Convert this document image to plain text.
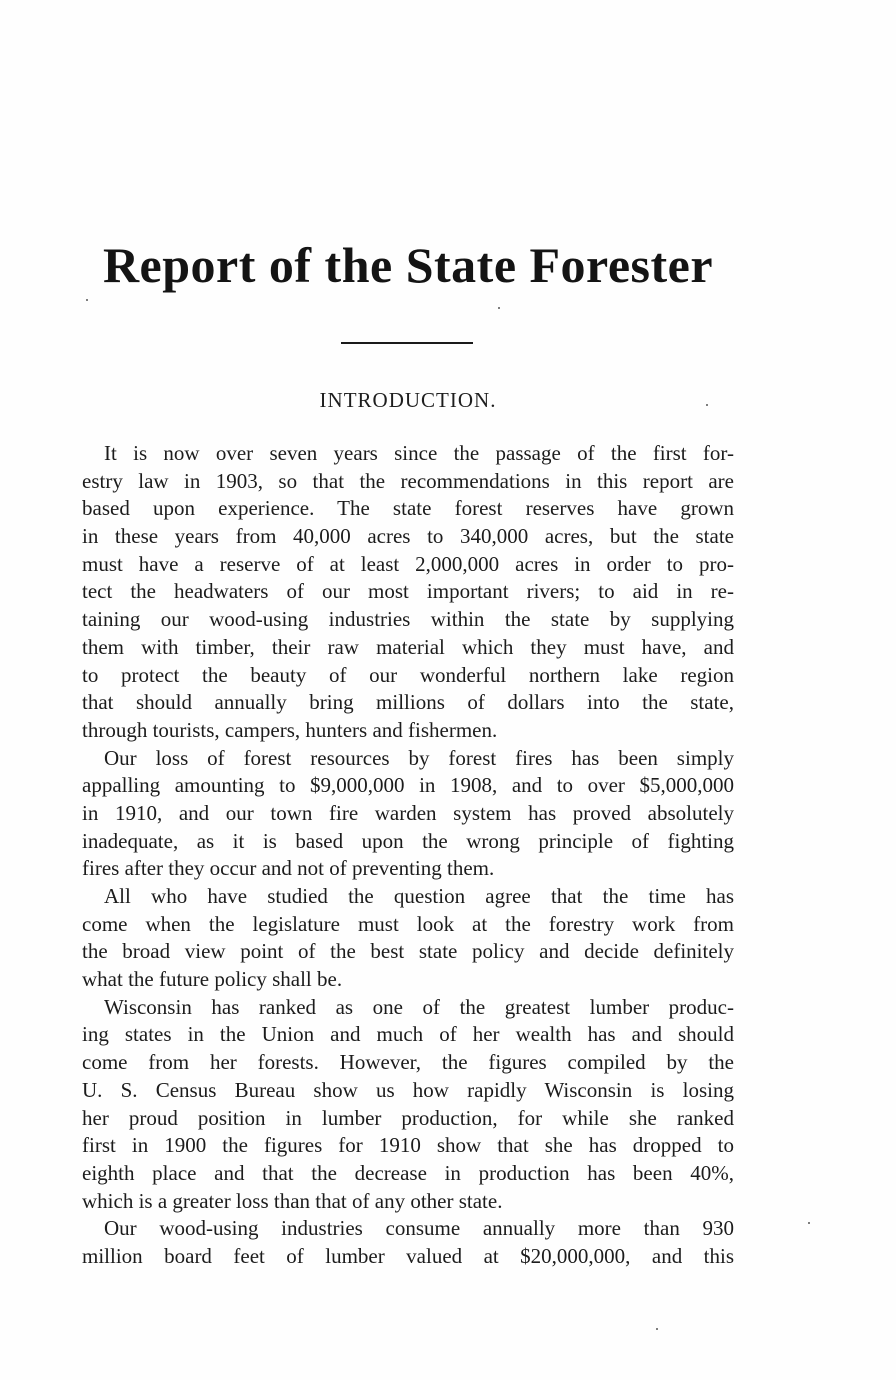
Report of the State Forester
INTRODUCTION.
It is now over seven years since the passage of the first for-
estry law in 1903, so that the recommendations in this report are
based upon experience. The state forest reserves have grown
in these years from 40,000 acres to 340,000 acres, but the state
must have a reserve of at least 2,000,000 acres in order to pro-
tect the headwaters of our most important rivers; to aid in re-
taining our wood-using industries within the state by supplying
them with timber, their raw material which they must have, and
to protect the beauty of our wonderful northern lake region
that should annually bring millions of dollars into the state,
through tourists, campers, hunters and fishermen.
Our loss of forest resources by forest fires has been simply
appalling amounting to $9,000,000 in 1908, and to over $5,000,000
in 1910, and our town fire warden system has proved absolutely
inadequate, as it is based upon the wrong principle of fighting
fires after they occur and not of preventing them.
All who have studied the question agree that the time has
come when the legislature must look at the forestry work from
the broad view point of the best state policy and decide definitely
what the future policy shall be.
Wisconsin has ranked as one of the greatest lumber produc-
ing states in the Union and much of her wealth has and should
come from her forests. However, the figures compiled by the
U. S. Census Bureau show us how rapidly Wisconsin is losing
her proud position in lumber production, for while she ranked
first in 1900 the figures for 1910 show that she has dropped to
eighth place and that the decrease in production has been 40%,
which is a greater loss than that of any other state.
Our wood-using industries consume annually more than 930
million board feet of lumber valued at $20,000,000, and this
